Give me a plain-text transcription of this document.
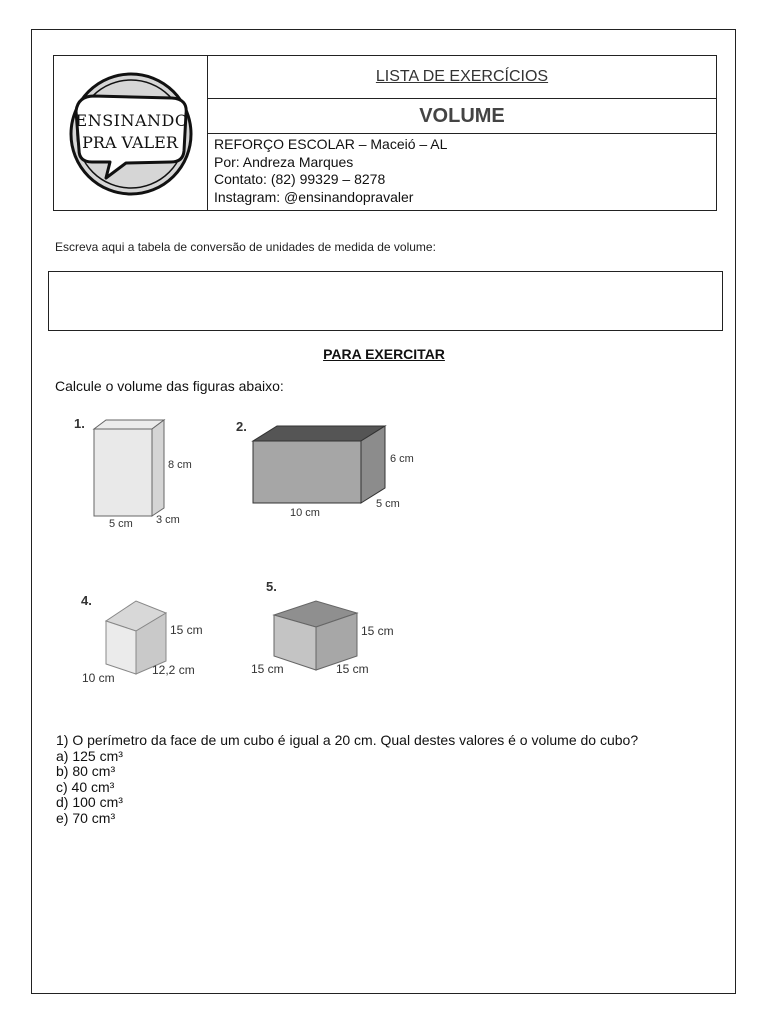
ENSINANDO
PRA VALER
LISTA DE EXERCÍCIOS
VOLUME
REFORÇO ESCOLAR – Maceió – AL
Por: Andreza Marques
Contato: (82) 99329 – 8278
Instagram: @ensinandopravaler
Escreva aqui a tabela de conversão de unidades de medida de volume:
PARA EXERCITAR
Calcule o volume das figuras abaixo:
1.
8 cm
5 cm 3 cm
2.
6 cm
10 cm
5 cm
4.
15 cm
10 cm
12,2 cm
5.
15 cm
15 cm	15 cm
1) O perímetro da face de um cubo é igual a 20 cm. Qual destes valores é o volume do cubo?
a) 125 cm³
b) 80 cm³
c) 40 cm³
d) 100 cm³
e) 70 cm³
